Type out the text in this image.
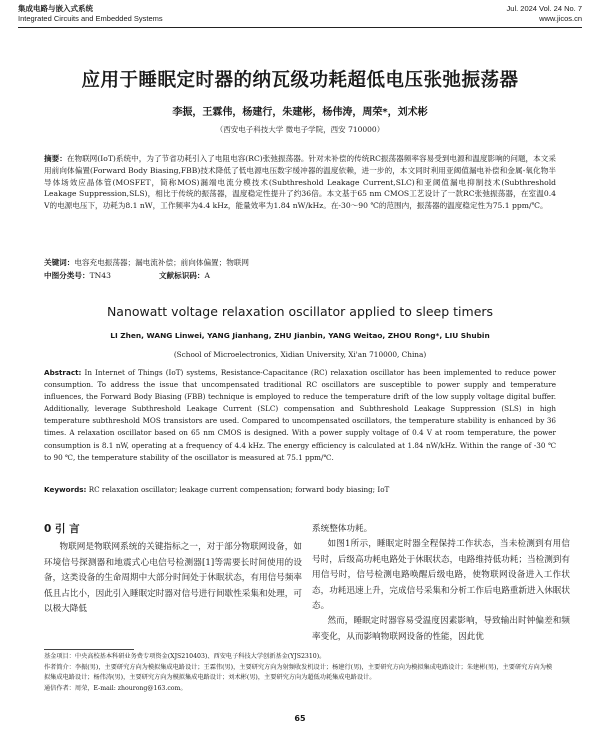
集成电路与嵌入式系统	Jul. 2024 Vol. 24 No. 7
Integrated Circuits and Embedded Systems	www.jicos.cn
应用于睡眠定时器的纳瓦级功耗超低电压张弛振荡器
李振，王霖伟，杨建行，朱建彬，杨伟涛，周荣*，刘术彬
（西安电子科技大学 微电子学院，西安 710000）
摘要：在物联网(IoT)系统中，为了节省功耗引入了电阻电容(RC)张弛振荡器。针对未补偿的传统RC振荡器频率容易受到电源和温度影响的问题，本文采用前向体偏置(Forward Body Biasing,FBB)技术降低了低电源电压数字缓冲器的温度依赖，进一步的，本文同时利用亚阈值漏电补偿和金属-氧化物半导体场效应晶体管(MOSFET，简称MOS)漏端电流分模技术(Subthreshold Leakage Current,SLC)和亚阈值漏电抑制技术(Subthreshold Leakage Suppression,SLS)，相比于传统的振荡器，温度稳定性提升了约36倍。本文基于65 nm CMOS工艺设计了一款RC张弛振荡器，在室温0.4 V的电源电压下，功耗为8.1 nW，工作频率为4.4 kHz，能量效率为1.84 nW/kHz。在-30～90 ℃的范围内，振荡器的温度稳定性为75.1 ppm/℃。
关键词：电容充电振荡器；漏电流补偿；前向体偏置；物联网
中图分类号：TN43	文献标识码：A
Nanowatt voltage relaxation oscillator applied to sleep timers
LI Zhen, WANG Linwei, YANG Jianhang, ZHU Jianbin, YANG Weitao, ZHOU Rong*, LIU Shubin
(School of Microelectronics, Xidian University, Xi'an 710000, China)
Abstract: In Internet of Things (IoT) systems, Resistance-Capacitance (RC) relaxation oscillator has been implemented to reduce power consumption. To address the issue that uncompensated traditional RC oscillators are susceptible to power supply and temperature influences, the Forward Body Biasing (FBB) technique is employed to reduce the temperature drift of the low supply voltage digital buffer. Additionally, leverage Subthreshold Leakage Current (SLC) compensation and Subthreshold Leakage Suppression (SLS) in high temperature subthreshold MOS transistors are used. Compared to uncompensated oscillators, the temperature stability is enhanced by 36 times. A relaxation oscillator based on 65 nm CMOS is designed. With a power supply voltage of 0.4 V at room temperature, the power consumption is 8.1 nW, operating at a frequency of 4.4 kHz. The energy efficiency is calculated at 1.84 nW/kHz. Within the range of -30 ℃ to 90 ℃, the temperature stability of the oscillator is measured at 75.1 ppm/℃.
Keywords: RC relaxation oscillator; leakage current compensation; forward body biasing; IoT
0 引 言

物联网是物联网系统的关键指标之一，对于部分物联网设备，如环境信号探测器和地震式心电信号检测器[1]等需要长时间使用的设备，这类设备的生命周期中大部分时间处于休眠状态，有用信号频率低且占比小，因此引入睡眠定时器对信号进行间歇性采集和处理，可以极大降低

系统整体功耗。

如图1所示，睡眠定时器全程保持工作状态，当未检测到有用信号时，后级高功耗电路处于休眠状态，电路维持低功耗；当检测到有用信号时，信号检测电路唤醒后级电路，使物联网设备进入工作状态，功耗迅速上升，完成信号采集和分析工作后电路重新进入休眠状态。

然而，睡眠定时器容易受温度因素影响，导致输出时钟偏差和频率变化，从而影响物联网设备的性能，因此优

基金项目：中央高校基本科研业务费专项资金(XJS210403)、西安电子科技大学创新基金(YJS2310)。
作者简介：李振(男)，主要研究方向为模拟集成电路设计；王霖伟(男)，主要研究方向为射频收发机设计；杨建行(男)，主要研究方向为模拟集成电路设计；朱建彬(男)，主要研究方向为模拟集成电路设计；杨伟涛(男)，主要研究方向为模拟集成电路设计；刘术彬(男)，主要研究方向为超低功耗集成电路设计。
通信作者：周荣，E-mail: zhourong@163.com。
65
